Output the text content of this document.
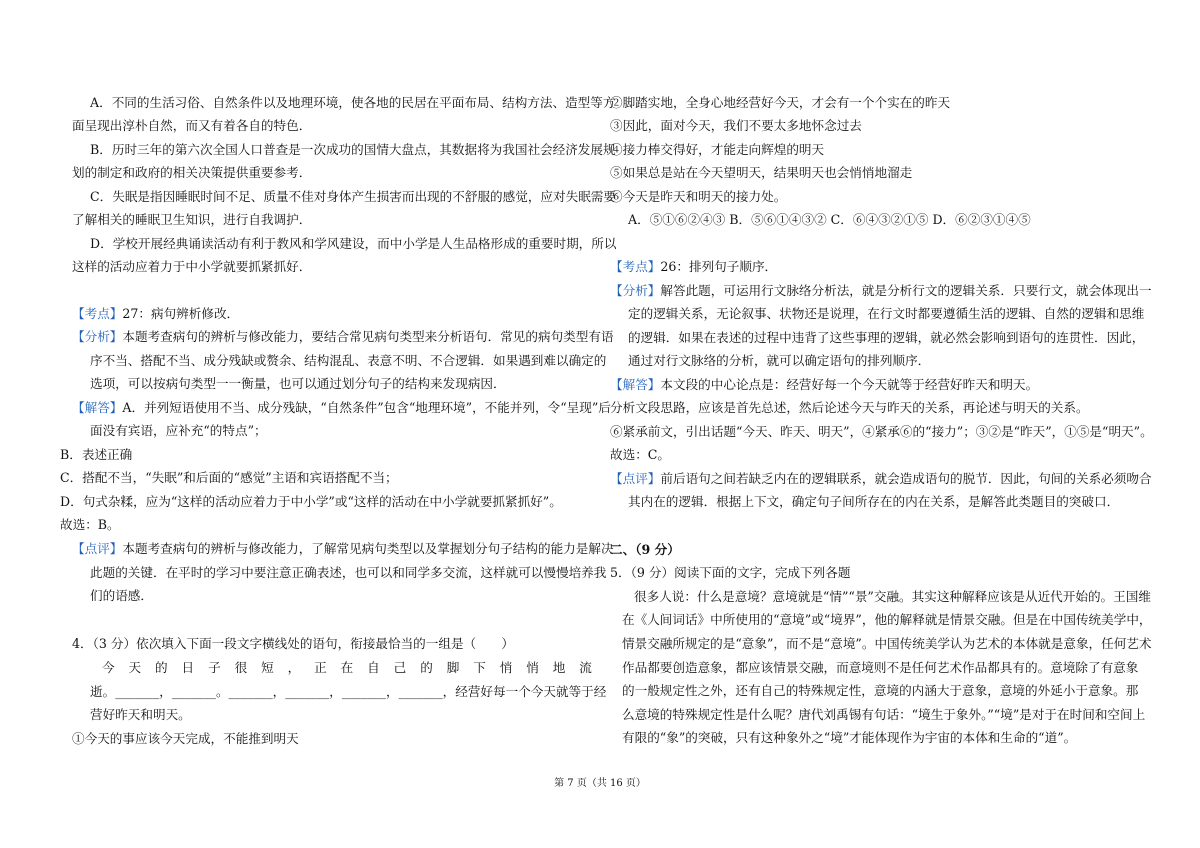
A．不同的生活习俗、自然条件以及地理环境，使各地的民居在平面布局、结构方法、造型等方
面呈现出淳朴自然，而又有着各自的特色．
B．历时三年的第六次全国人口普查是一次成功的国情大盘点，其数据将为我国社会经济发展规
划的制定和政府的相关决策提供重要参考．
C．失眠是指因睡眠时间不足、质量不佳对身体产生损害而出现的不舒服的感觉，应对失眠需要
了解相关的睡眠卫生知识，进行自我调护．
D．学校开展经典诵读活动有利于教风和学风建设，而中小学是人生品格形成的重要时期，所以
这样的活动应着力于中小学就要抓紧抓好．
【考点】27：病句辨析修改．
【分析】本题考查病句的辨析与修改能力，要结合常见病句类型来分析语句．常见的病句类型有语
序不当、搭配不当、成分残缺或赘余、结构混乱、表意不明、不合逻辑．如果遇到难以确定的
选项，可以按病句类型一一衡量，也可以通过划分句子的结构来发现病因．
【解答】A．并列短语使用不当、成分残缺，“自然条件”包含“地理环境”，不能并列，令“呈现”后
面没有宾语，应补充“的特点”；
B．表述正确
C．搭配不当，“失眠”和后面的“感觉”主语和宾语搭配不当；
D．句式杂糅，应为“这样的活动应着力于中小学”或“这样的活动在中小学就要抓紧抓好”。
故选：B。
【点评】本题考查病句的辨析与修改能力，了解常见病句类型以及掌握划分句子结构的能力是解决
此题的关键．在平时的学习中要注意正确表述，也可以和同学多交流，这样就可以慢慢培养我
们的语感．
4．（3 分）依次填入下面一段文字横线处的语句，衔接最恰当的一组是（　　）
今 天 的 日 子 很 短 ， 正 在 自 己 的 脚 下 悄 悄 地 流
逝。_______，_______。_______，_______，_______，_______，经营好每一个今天就等于经
营好昨天和明天。
①今天的事应该今天完成，不能推到明天
②脚踏实地，全身心地经营好今天，才会有一个个实在的昨天
③因此，面对今天，我们不要太多地怀念过去
④接力棒交得好，才能走向辉煌的明天
⑤如果总是站在今天望明天，结果明天也会悄悄地溜走
⑥今天是昨天和明天的接力处。
A．⑤①⑥②④③ B．⑤⑥①④③② C．⑥④③②①⑤ D．⑥②③①④⑤
【考点】26：排列句子顺序．
【分析】解答此题，可运用行文脉络分析法，就是分析行文的逻辑关系．只要行文，就会体现出一
定的逻辑关系，无论叙事、状物还是说理，在行文时都要遵循生活的逻辑、自然的逻辑和思维
的逻辑．如果在表述的过程中违背了这些事理的逻辑，就必然会影响到语句的连贯性．因此，
通过对行文脉络的分析，就可以确定语句的排列顺序．
【解答】本文段的中心论点是：经营好每一个今天就等于经营好昨天和明天。
分析文段思路，应该是首先总述，然后论述今天与昨天的关系，再论述与明天的关系。
⑥紧承前文，引出话题“今天、昨天、明天”，④紧承⑥的“接力”；③②是“昨天”，①⑤是“明天”。
故选：C。
【点评】前后语句之间若缺乏内在的逻辑联系，就会造成语句的脱节．因此，句间的关系必须吻合
其内在的逻辑．根据上下文，确定句子间所存在的内在关系，是解答此类题目的突破口．
二、（9 分）
5．（9 分）阅读下面的文字，完成下列各题
很多人说：什么是意境？意境就是“情”“景”交融。其实这种解释应该是从近代开始的。王国维
在《人间词话》中所使用的“意境”或“境界”，他的解释就是情景交融。但是在中国传统美学中，
情景交融所规定的是“意象”，而不是“意境”。中国传统美学认为艺术的本体就是意象，任何艺术
作品都要创造意象，都应该情景交融，而意境则不是任何艺术作品都具有的。意境除了有意象
的一般规定性之外，还有自己的特殊规定性，意境的内涵大于意象，意境的外延小于意象。那
么意境的特殊规定性是什么呢？唐代刘禹锡有句话：“境生于象外。”“境”是对于在时间和空间上
有限的“象”的突破，只有这种象外之“境”才能体现作为宇宙的本体和生命的“道”。
第 7 页（共 16 页）
